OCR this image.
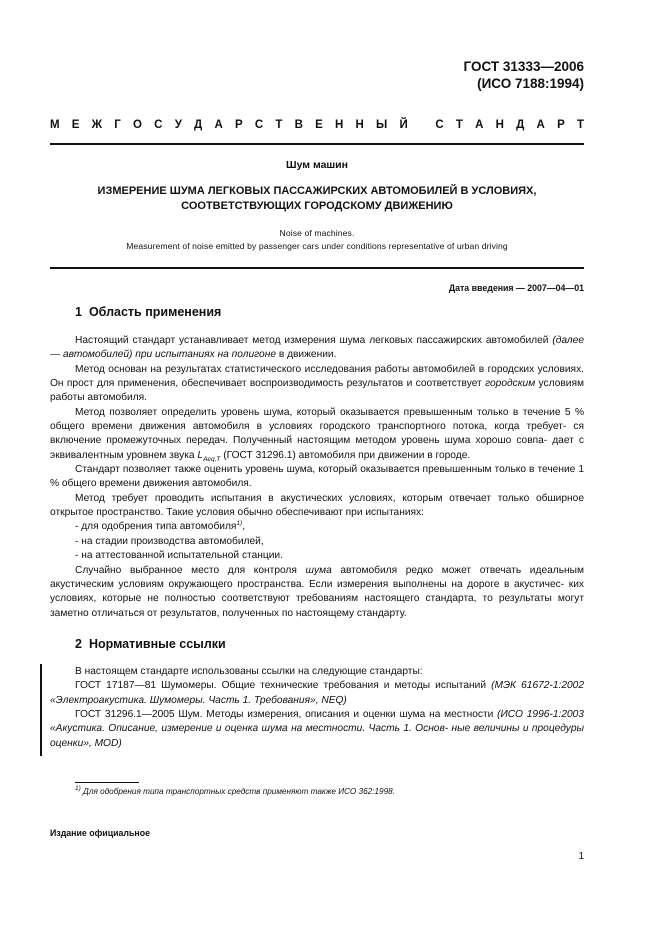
ГОСТ 31333—2006
(ИСО 7188:1994)
М Е Ж Г О С У Д А Р С Т В Е Н Н Ы Й
С Т А Н Д А Р Т
Шум машин
ИЗМЕРЕНИЕ ШУМА ЛЕГКОВЫХ ПАССАЖИРСКИХ АВТОМОБИЛЕЙ В УСЛОВИЯХ,
СООТВЕТСТВУЮЩИХ ГОРОДСКОМУ ДВИЖЕНИЮ
Noise of machines.
Measurement of noise emitted by passenger cars under conditions representative of urban driving
Дата введения — 2007—04—01
1 Область применения

Настоящий стандарт устанавливает метод измерения шума легковых пассажирских автомобилей (далее — автомобилей) при испытаниях на полигоне в движении.

Метод основан на результатах статистического исследования работы автомобилей в городских условиях. Он прост для применения, обеспечивает воспроизводимость результатов и соответствует городским условиям работы автомобиля.

Метод позволяет определить уровень шума, который оказывается превышенным только в течение 5 % общего времени движения автомобиля в условиях городского транспортного потока, когда требует- ся включение промежуточных передач. Полученный настоящим методом уровень шума хорошо совпа- дает с эквивалентным уровнем звука $L_{Aeq,T}$ (ГОСТ 31296.1) автомобиля при движении в городе.

Стандарт позволяет также оценить уровень шума, который оказывается превышенным только в течение 1 % общего времени движения автомобиля.

Метод требует проводить испытания в акустических условиях, которым отвечает только обширное открытое пространство. Такие условия обычно обеспечивают при испытаниях:

- для одобрения типа автомобиля$^{1)}$,

- на стадии производства автомобилей,

- на аттестованной испытательной станции.

Случайно выбранное место для контроля шума автомобиля редко может отвечать идеальным акустическим условиям окружающего пространства. Если измерения выполнены на дороге в акустичес- ких условиях, которые не полностью соответствуют требованиям настоящего стандарта, то результаты могут заметно отличаться от результатов, полученных по настоящему стандарту.

2 Нормативные ссылки

В настоящем стандарте использованы ссылки на следующие стандарты:

ГОСТ 17187—81 Шумомеры. Общие технические требования и методы испытаний (МЭК 61672-1:2002 «Электроакустика. Шумомеры. Часть 1. Требования», NEQ)

ГОСТ 31296.1—2005 Шум. Методы измерения, описания и оценки шума на местности (ИСО 1996-1:2003 «Акустика. Описание, измерение и оценка шума на местности. Часть 1. Основ- ные величины и процедуры оценки», MOD)

$^{1)}$ Для одобрения типа транспортных средств применяют также ИСО 362:1998.
Издание официальное
1
